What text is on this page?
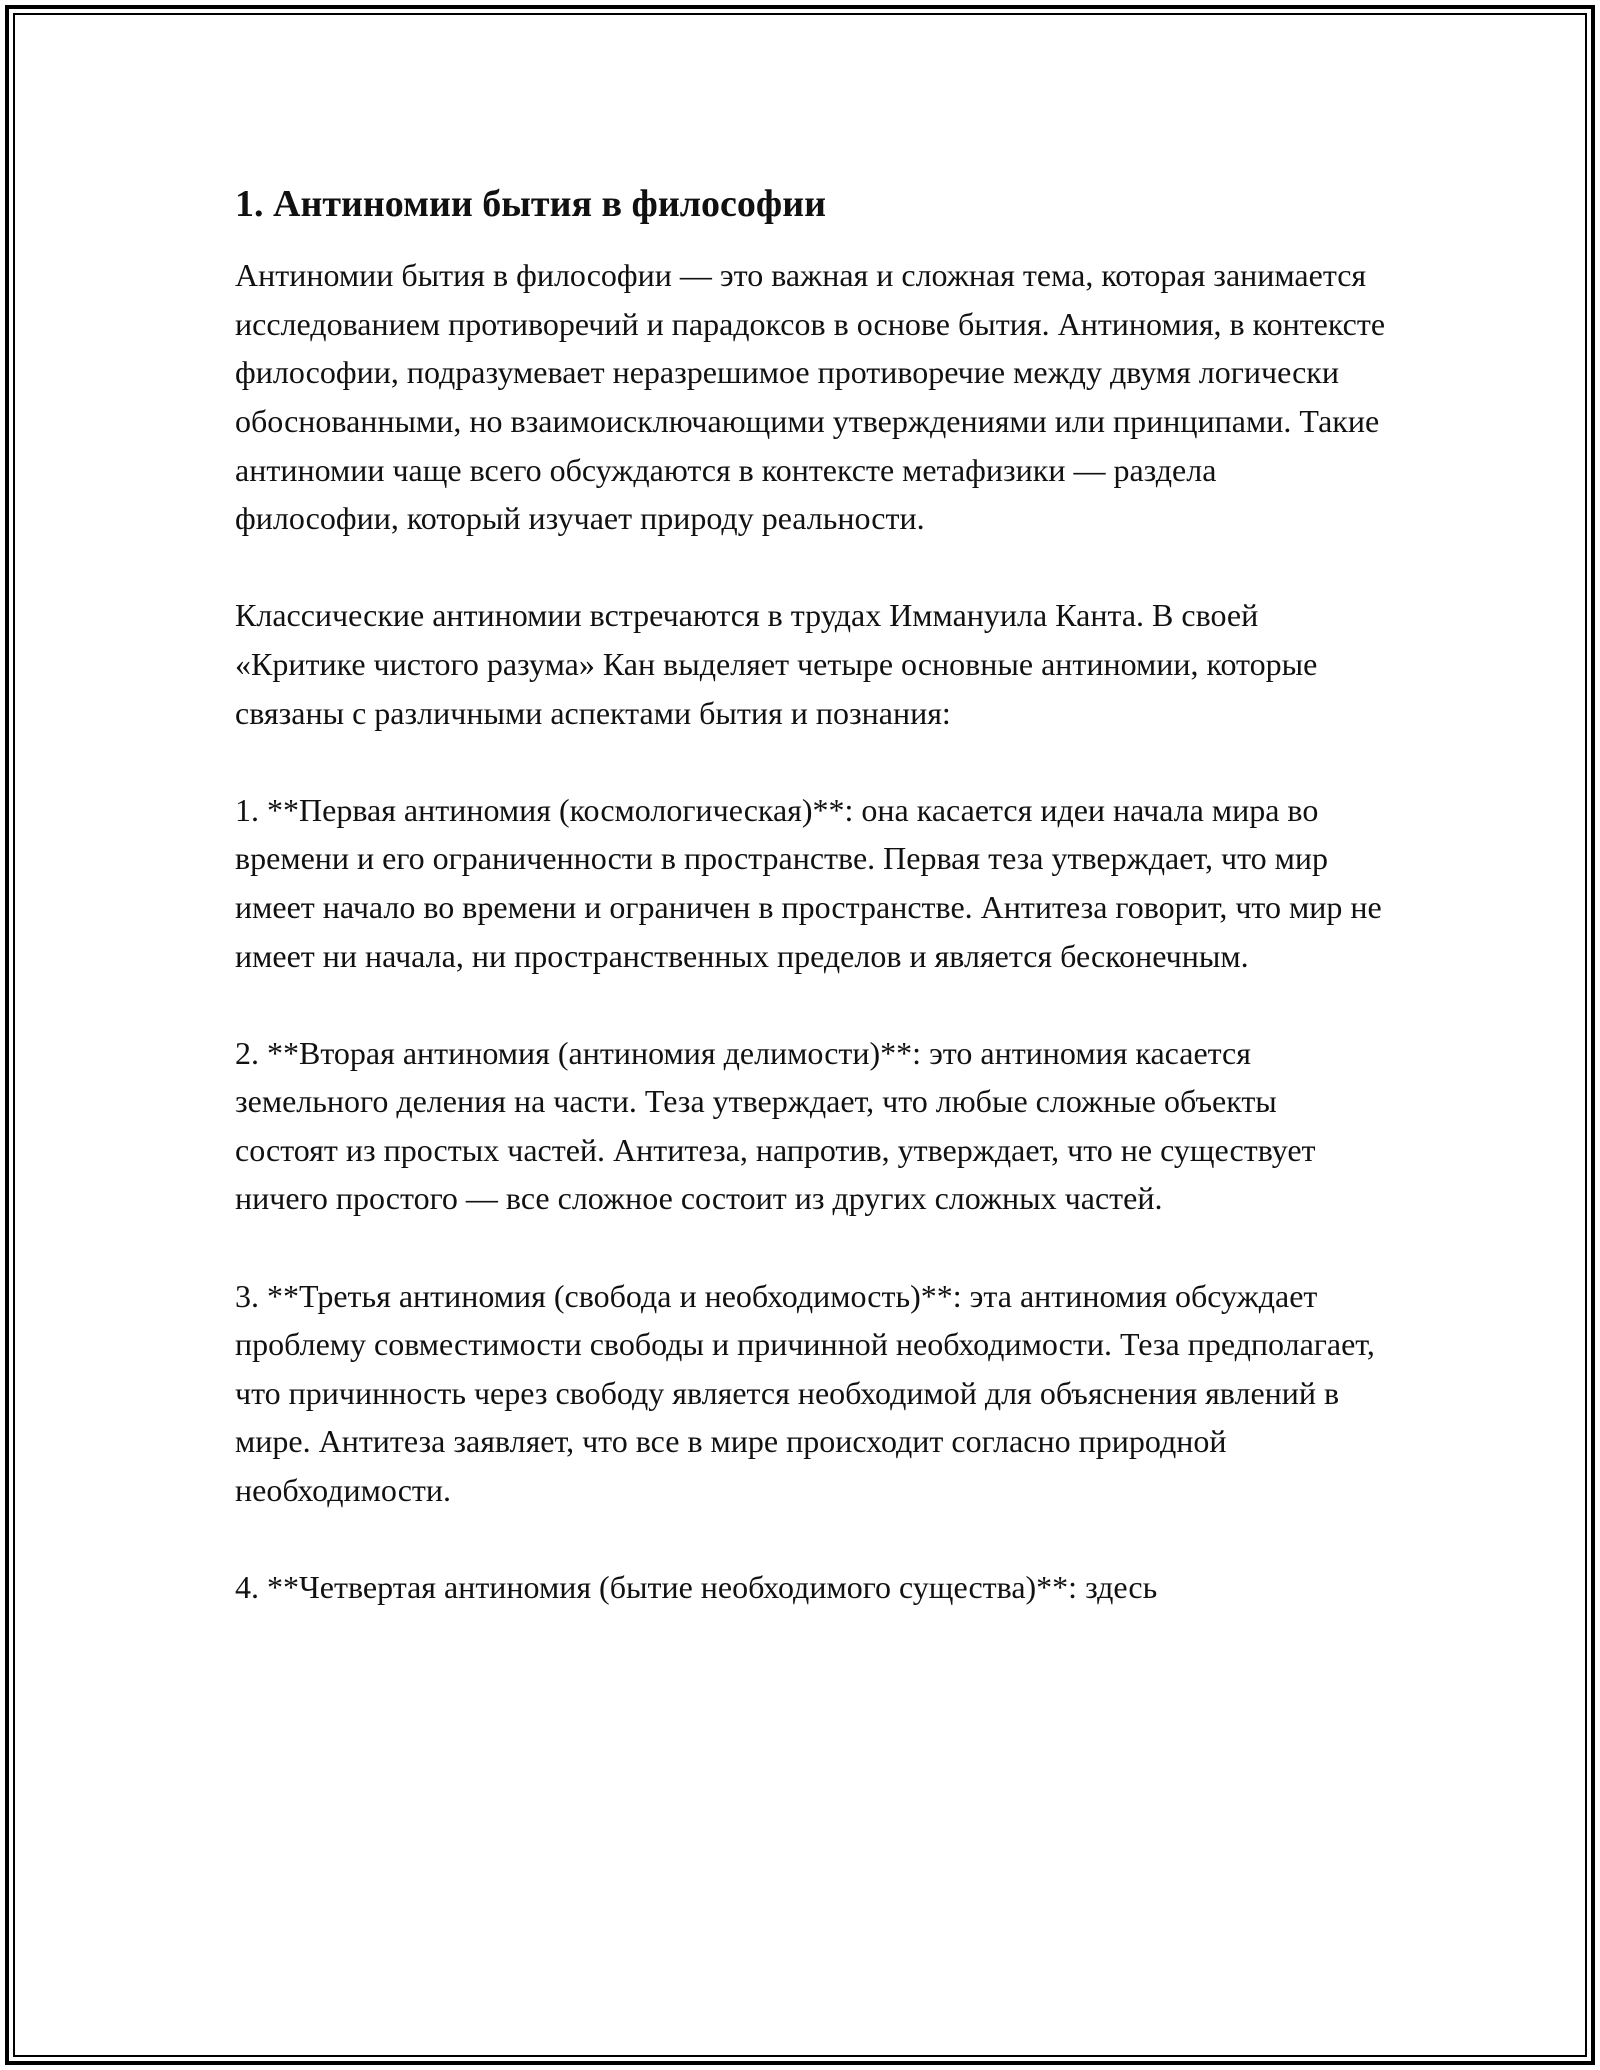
1. Антиномии бытия в философии

Антиномии бытия в философии — это важная и сложная тема, которая занимается исследованием противоречий и парадоксов в основе бытия. Антиномия, в контексте философии, подразумевает неразрешимое противоречие между двумя логически обоснованными, но взаимоисключающими утверждениями или принципами. Такие антиномии чаще всего обсуждаются в контексте метафизики — раздела философии, который изучает природу реальности.

Классические антиномии встречаются в трудах Иммануила Канта. В своей «Критике чистого разума» Кан выделяет четыре основные антиномии, которые связаны с различными аспектами бытия и познания:

1. **Первая антиномия (космологическая)**: она касается идеи начала мира во времени и его ограниченности в пространстве. Первая теза утверждает, что мир имеет начало во времени и ограничен в пространстве. Антитеза говорит, что мир не имеет ни начала, ни пространственных пределов и является бесконечным.

2. **Вторая антиномия (антиномия делимости)**: это антиномия касается земельного деления на части. Теза утверждает, что любые сложные объекты состоят из простых частей. Антитеза, напротив, утверждает, что не существует ничего простого — все сложное состоит из других сложных частей.

3. **Третья антиномия (свобода и необходимость)**: эта антиномия обсуждает проблему совместимости свободы и причинной необходимости. Теза предполагает, что причинность через свободу является необходимой для объяснения явлений в мире. Антитеза заявляет, что все в мире происходит согласно природной необходимости.

4. **Четвертая антиномия (бытие необходимого существа)**: здесь
